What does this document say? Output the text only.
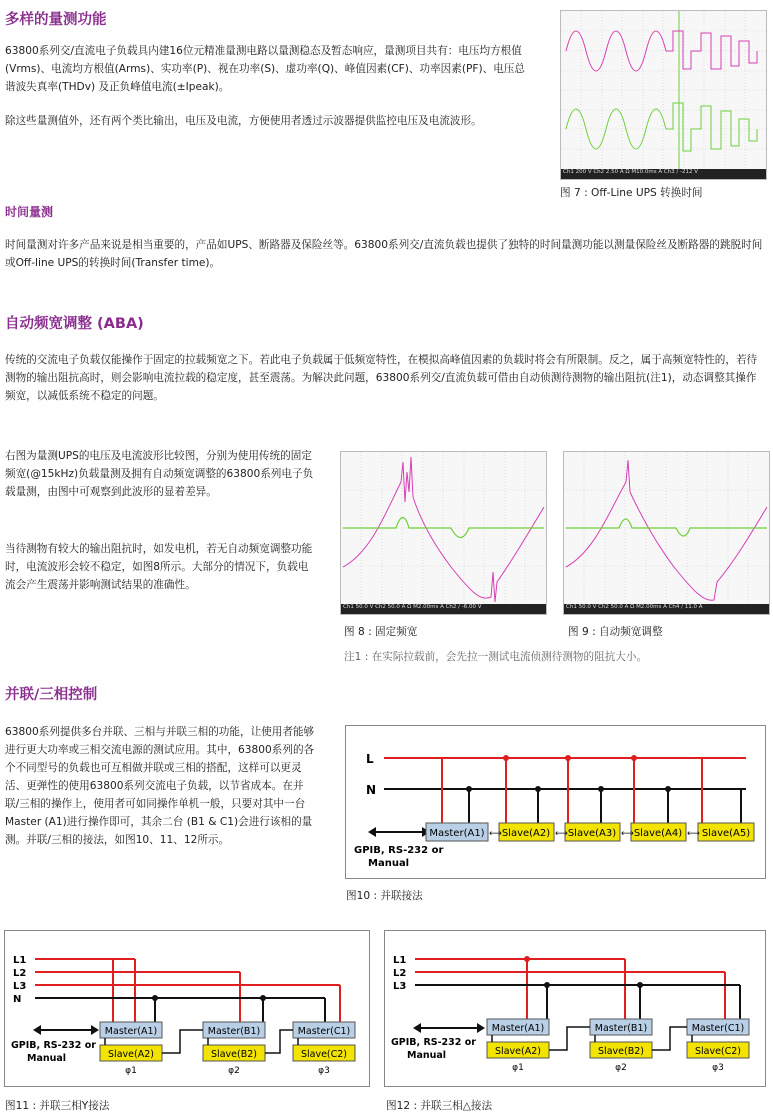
多样的量测功能
63800系列交/直流电子负载具内建16位元精准量测电路以量测稳态及暂态响应，量测项目共有：电压均方根值(Vrms)、电流均方根值(Arms)、实功率(P)、视在功率(S)、虚功率(Q)、峰值因素(CF)、功率因素(PF)、电压总谐波失真率(THDv) 及正负峰值电流(±Ipeak)。
除这些量测值外，还有两个类比输出，电压及电流，方便使用者透过示波器提供监控电压及电流波形。
Ch1 200 V Ch2 2.50 A Ω M10.0ms A Ch3 ∕ -212 V
图 7 : Off-Line UPS 转换时间
时间量测
时间量测对许多产品来说是相当重要的，产品如UPS、断路器及保险丝等。63800系列交/直流负载也提供了独特的时间量测功能以测量保险丝及断路器的跳脱时间或Off-line UPS的转换时间(Transfer time)。
自动频宽调整 (ABA)
传统的交流电子负载仅能操作于固定的拉载频宽之下。若此电子负载属于低频宽特性，在模拟高峰值因素的负载时将会有所限制。反之，属于高频宽特性的，若待测物的输出阻抗高时，则会影响电流拉载的稳定度，甚至震荡。为解决此问题，63800系列交/直流负载可借由自动侦测待测物的输出阻抗(注1)，动态调整其操作频宽，以减低系统不稳定的问题。
右图为量测UPS的电压及电流波形比较图，分别为使用传统的固定频宽(@15kHz)负载量测及拥有自动频宽调整的63800系列电子负载量测，由图中可观察到此波形的显着差异。
当待测物有较大的输出阻抗时，如发电机，若无自动频宽调整功能时，电流波形会较不稳定，如图8所示。大部分的情况下，负载电流会产生震荡并影响测试结果的准确性。
Ch1 50.0 V Ch2 50.0 A Ω M2.00ms A Ch2 ∕ -6.00 V
图 8 : 固定频宽
Ch1 50.0 V Ch2 50.0 A Ω M2.00ms A Ch4 ∕ 11.0 A
图 9 : 自动频宽调整
注1 : 在实际拉载前，会先拉一测试电流侦测待测物的阻抗大小。
并联/三相控制
63800系列提供多台并联、三相与并联三相的功能，让使用者能够进行更大功率或三相交流电源的测试应用。其中，63800系列的各个不同型号的负载也可互相做并联或三相的搭配，这样可以更灵活、更弹性的使用63800系列交流电子负载，以节省成本。在并联/三相的操作上，使用者可如同操作单机一般，只要对其中一台Master (A1)进行操作即可，其余二台 (B1 & C1)会进行该相的量测。并联/三相的接法，如图10、11、12所示。
L
N
Master(A1) Slave(A2) Slave(A3) Slave(A4) Slave(A5)
⟷	⟷	⟷	⟷
GPIB, RS-232 or
Manual
图10 : 并联接法
L1
L2
L3
N
Master(A1)
Slave(A2)
Master(B1)
Slave(B2)
Master(C1)
Slave(C2)
φ1	φ2	φ3
GPIB, RS-232 or
Manual
图11 : 并联三相Y接法
L1
L2
L3
Master(A1)
Slave(A2)
Master(B1)
Slave(B2)
Master(C1)
Slave(C2)
φ1	φ2	φ3
GPIB, RS-232 or
Manual
图12 : 并联三相△接法
